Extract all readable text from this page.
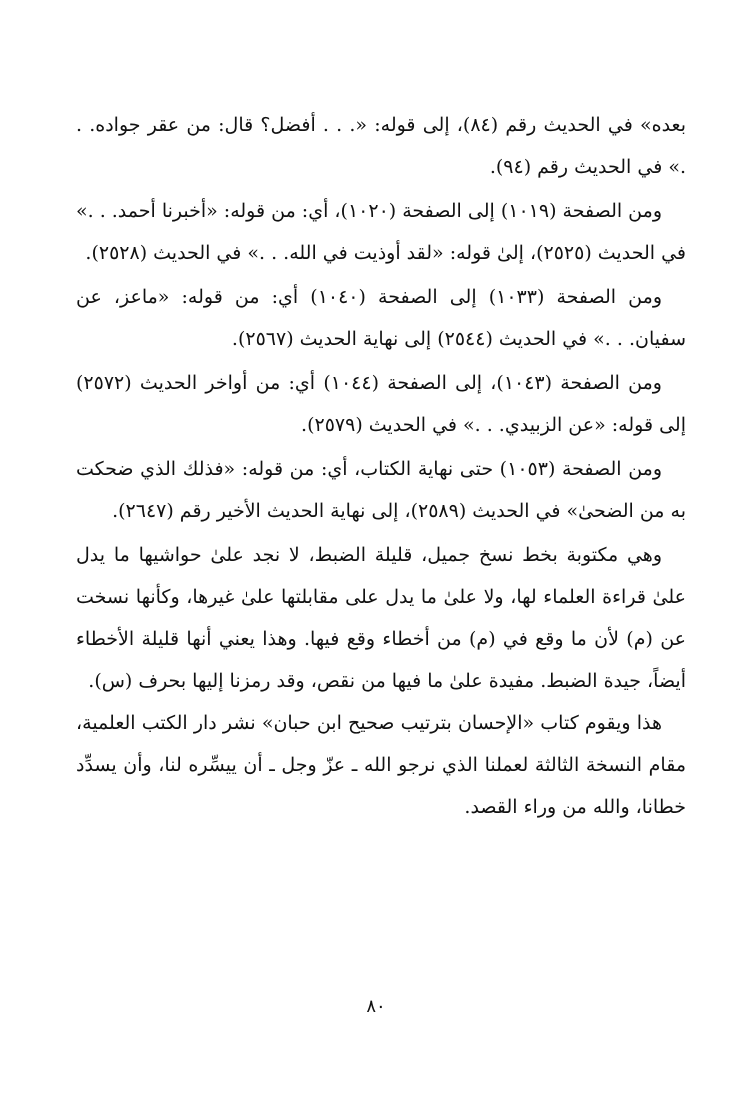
بعده» في الحديث رقم (٨٤)، إلى قوله: «. . . أفضل؟ قال: من عقر جواده. . .» في الحديث رقم (٩٤).

ومن الصفحة (١٠١٩) إلى الصفحة (١٠٢٠)، أي: من قوله: «أخبرنا أحمد. . .» في الحديث (٢٥٢٥)، إلىٰ قوله: «لقد أوذيت في الله. . .» في الحديث (٢٥٢٨).

ومن الصفحة (١٠٣٣) إلى الصفحة (١٠٤٠) أي: من قوله: «ماعز، عن سفيان. . .» في الحديث (٢٥٤٤) إلى نهاية الحديث (٢٥٦٧).

ومن الصفحة (١٠٤٣)، إلى الصفحة (١٠٤٤) أي: من أواخر الحديث (٢٥٧٢) إلى قوله: «عن الزبيدي. . .» في الحديث (٢٥٧٩).

ومن الصفحة (١٠٥٣) حتى نهاية الكتاب، أي: من قوله: «فذلك الذي ضحكت به من الضحىٰ» في الحديث (٢٥٨٩)، إلى نهاية الحديث الأخير رقم (٢٦٤٧).

وهي مكتوبة بخط نسخ جميل، قليلة الضبط، لا نجد علىٰ حواشيها ما يدل علىٰ قراءة العلماء لها، ولا علىٰ ما يدل على مقابلتها علىٰ غيرها، وكأنها نسخت عن (م) لأن ما وقع في (م) من أخطاء وقع فيها. وهذا يعني أنها قليلة الأخطاء أيضاً، جيدة الضبط. مفيدة علىٰ ما فيها من نقص، وقد رمزنا إليها بحرف (س).

هذا ويقوم كتاب «الإحسان بترتيب صحيح ابن حبان» نشر دار الكتب العلمية، مقام النسخة الثالثة لعملنا الذي نرجو الله ـ عزّ وجل ـ أن ييسِّره لنا، وأن يسدِّد خطانا، والله من وراء القصد.

٨٠
